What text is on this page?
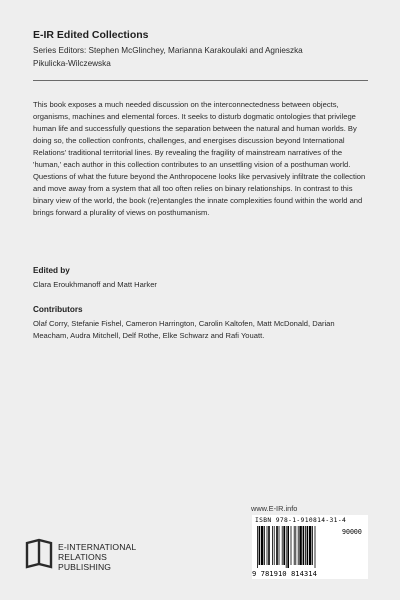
E-IR Edited Collections
Series Editors: Stephen McGlinchey, Marianna Karakoulaki and Agnieszka Pikulicka-Wilczewska

This book exposes a much needed discussion on the interconnectedness between objects, organisms, machines and elemental forces. It seeks to disturb dogmatic ontologies that privilege human life and successfully questions the separation between the natural and human worlds. By doing so, the collection confronts, challenges, and energises discussion beyond International Relations' traditional territorial lines. By revealing the fragility of mainstream narratives of the 'human,' each author in this collection contributes to an unsettling vision of a posthuman world. Questions of what the future beyond the Anthropocene looks like pervasively infiltrate the collection and move away from a system that all too often relies on binary relationships. In contrast to this binary view of the world, the book (re)entangles the innate complexities found within the world and brings forward a plurality of views on posthumanism.

Edited by
Clara Eroukhmanoff and Matt Harker
Contributors
Olaf Corry, Stefanie Fishel, Cameron Harrington, Carolin Kaltofen, Matt McDonald, Darian Meacham, Audra Mitchell, Delf Rothe, Elke Schwarz and Rafi Youatt.
E-INTERNATIONAL
RELATIONS
PUBLISHING
www.E-IR.info
ISBN 978-1-910814-31-4
90000
9 781910 814314
